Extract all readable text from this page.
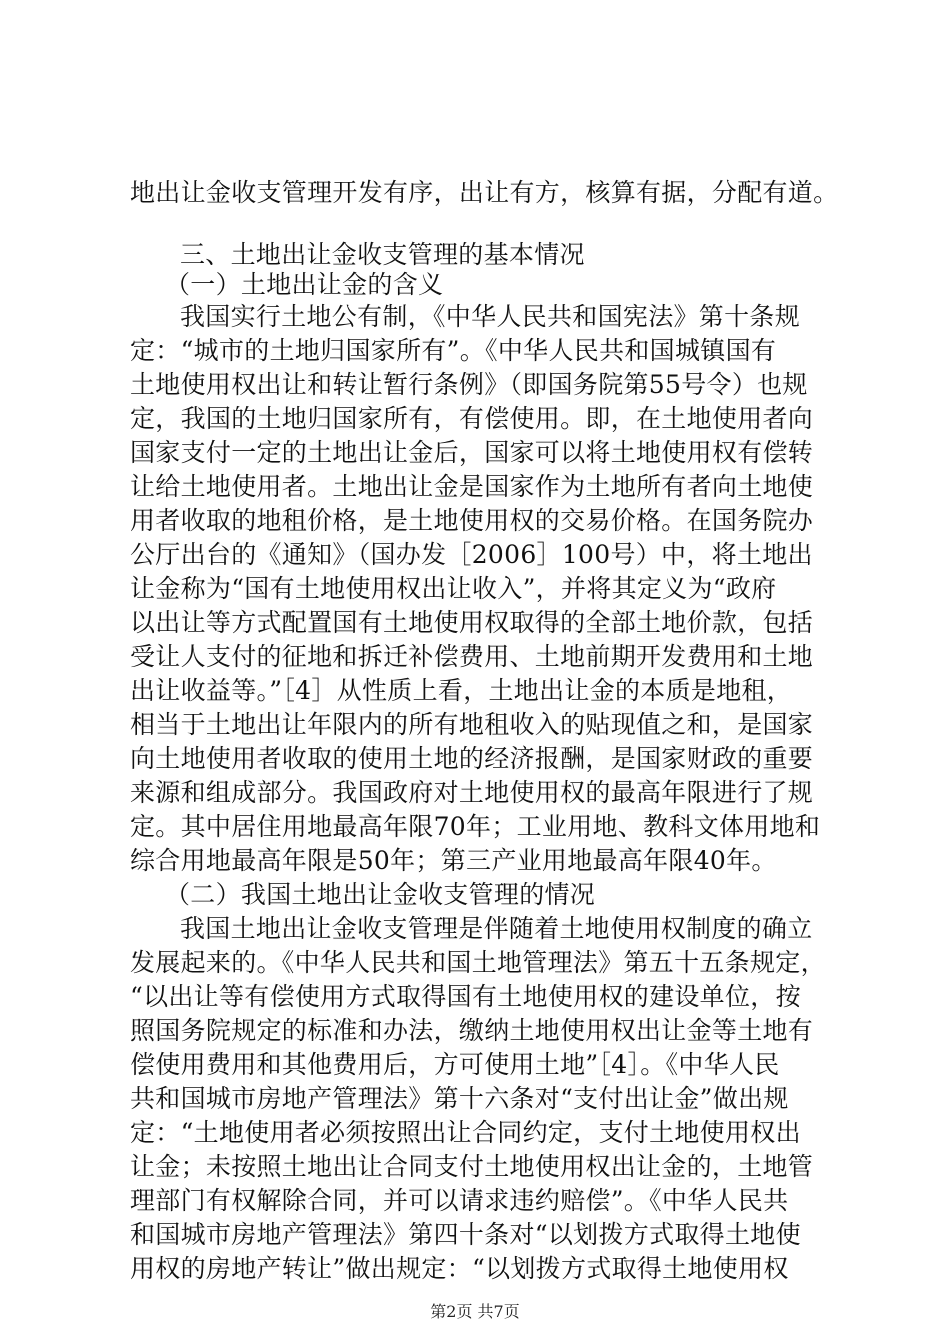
地出让金收支管理开发有序，出让有方，核算有据，分配有道。
三、土地出让金收支管理的基本情况
（一）土地出让金的含义
我国实行土地公有制，《中华人民共和国宪法》第十条规
定：“城市的土地归国家所有”。《中华人民共和国城镇国有
土地使用权出让和转让暂行条例》（即国务院第55号令）也规
定，我国的土地归国家所有，有偿使用。即，在土地使用者向
国家支付一定的土地出让金后，国家可以将土地使用权有偿转
让给土地使用者。土地出让金是国家作为土地所有者向土地使
用者收取的地租价格，是土地使用权的交易价格。在国务院办
公厅出台的《通知》（国办发［2006］100号）中，将土地出
让金称为“国有土地使用权出让收入”，并将其定义为“政府
以出让等方式配置国有土地使用权取得的全部土地价款，包括
受让人支付的征地和拆迁补偿费用、土地前期开发费用和土地
出让收益等。”［4］从性质上看，土地出让金的本质是地租，
相当于土地出让年限内的所有地租收入的贴现值之和，是国家
向土地使用者收取的使用土地的经济报酬，是国家财政的重要
来源和组成部分。我国政府对土地使用权的最高年限进行了规
定。其中居住用地最高年限70年；工业用地、教科文体用地和
综合用地最高年限是50年；第三产业用地最高年限40年。
（二）我国土地出让金收支管理的情况
我国土地出让金收支管理是伴随着土地使用权制度的确立
发展起来的。《中华人民共和国土地管理法》第五十五条规定，
“以出让等有偿使用方式取得国有土地使用权的建设单位，按
照国务院规定的标准和办法，缴纳土地使用权出让金等土地有
偿使用费用和其他费用后，方可使用土地”［4］。《中华人民
共和国城市房地产管理法》第十六条对“支付出让金”做出规
定：“土地使用者必须按照出让合同约定，支付土地使用权出
让金；未按照土地出让合同支付土地使用权出让金的，土地管
理部门有权解除合同，并可以请求违约赔偿”。《中华人民共
和国城市房地产管理法》第四十条对“以划拨方式取得土地使
用权的房地产转让”做出规定：“以划拨方式取得土地使用权
第2页 共7页
